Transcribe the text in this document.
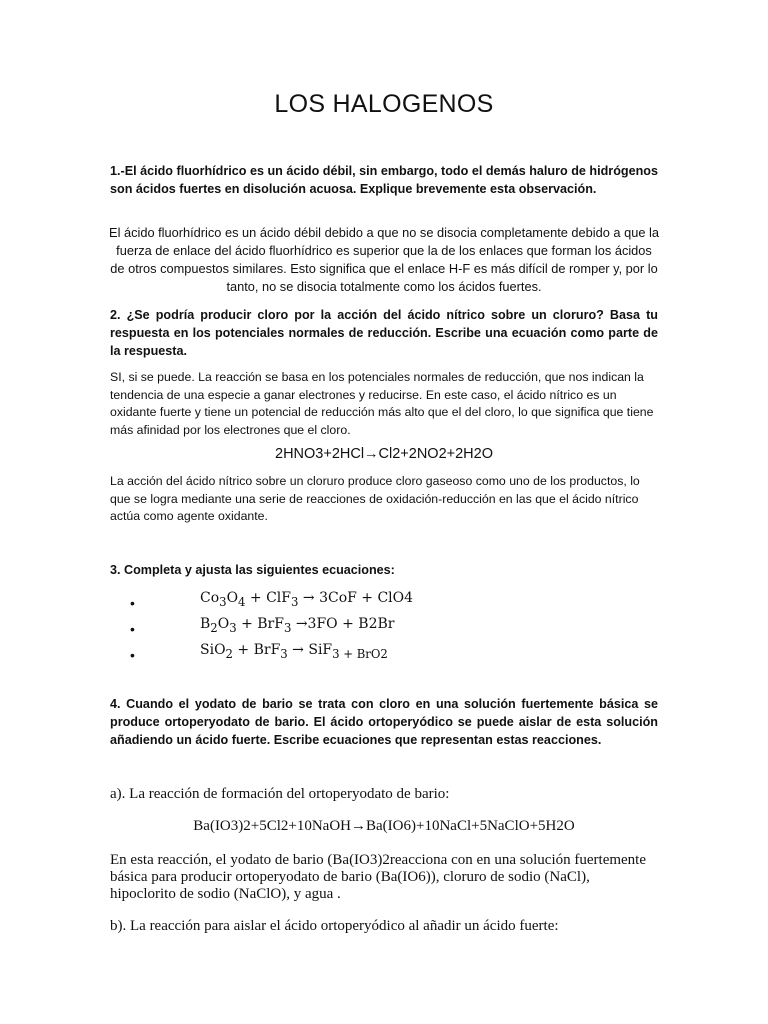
LOS HALOGENOS
1.-El ácido fluorhídrico es un ácido débil, sin embargo, todo el demás haluro de hidrógenos son ácidos fuertes en disolución acuosa. Explique brevemente esta observación.
El ácido fluorhídrico es un ácido débil debido a que no se disocia completamente debido a que la fuerza de enlace del ácido fluorhídrico es superior que la de los enlaces que forman los ácidos de otros compuestos similares. Esto significa que el enlace H-F es más difícil de romper y, por lo tanto, no se disocia totalmente como los ácidos fuertes.
2. ¿Se podría producir cloro por la acción del ácido nítrico sobre un cloruro? Basa tu respuesta en los potenciales normales de reducción. Escribe una ecuación como parte de la respuesta.
SI, si se puede. La reacción se basa en los potenciales normales de reducción, que nos indican la tendencia de una especie a ganar electrones y reducirse. En este caso, el ácido nítrico es un oxidante fuerte y tiene un potencial de reducción más alto que el del cloro, lo que significa que tiene más afinidad por los electrones que el cloro.
2HNO3+2HCl→Cl2+2NO2+2H2O
La acción del ácido nítrico sobre un cloruro produce cloro gaseoso como uno de los productos, lo que se logra mediante una serie de reacciones de oxidación-reducción en las que el ácido nítrico actúa como agente oxidante.
3. Completa y ajusta las siguientes ecuaciones:
•	$Co_3O_4 + ClF_3 \to 3CoF + ClO4$
•	$B_2O_3 + BrF_3 \to 3FO + B2Br$
•	SiO$_2$ + BrF$_3$ → SiF$_3$ $_{+ BrO2}$
4. Cuando el yodato de bario se trata con cloro en una solución fuertemente básica se produce ortoperyodato de bario. El ácido ortoperyódico se puede aislar de esta solución añadiendo un ácido fuerte. Escribe ecuaciones que representan estas reacciones.
a). La reacción de formación del ortoperyodato de bario:
Ba(IO3)2+5Cl2+10NaOH→Ba(IO6)+10NaCl+5NaClO+5H2O
En esta reacción, el yodato de bario (Ba(IO3)2reacciona con en una solución fuertemente básica para producir ortoperyodato de bario (Ba(IO6)), cloruro de sodio (NaCl), hipoclorito de sodio (NaClO), y agua .
b). La reacción para aislar el ácido ortoperyódico al añadir un ácido fuerte:
